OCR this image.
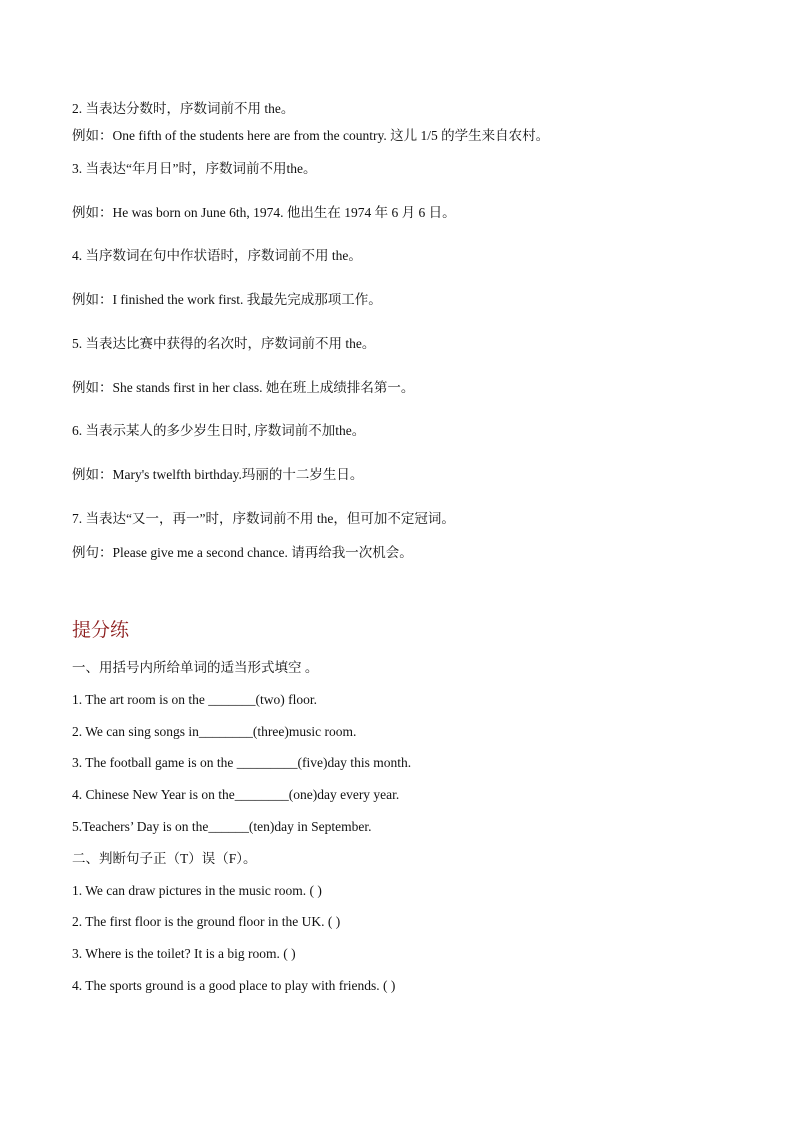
2. 当表达分数时，序数词前不用 the。
例如：One fifth of the students here are from the country. 这儿 1/5 的学生来自农村。
3. 当表达“年月日”时，序数词前不用the。
例如：He was born on June 6th, 1974. 他出生在 1974 年 6 月 6 日。
4. 当序数词在句中作状语时，序数词前不用 the。
例如：I finished the work first. 我最先完成那项工作。
5. 当表达比赛中获得的名次时，序数词前不用 the。
例如：She stands first in her class. 她在班上成绩排名第一。
6. 当表示某人的多少岁生日时, 序数词前不加the。
例如：Mary's twelfth birthday.玛丽的十二岁生日。
7. 当表达“又一，再一”时，序数词前不用 the，但可加不定冠词。
例句：Please give me a second chance. 请再给我一次机会。
提分练
一、用括号内所给单词的适当形式填空 。
1. The art room is on the _______(two) floor.
2. We can sing songs in________(three)music room.
3. The football game is on the _________(five)day this month.
4. Chinese New Year is on the________(one)day every year.
5.Teachers’ Day is on the______(ten)day in September.
二、判断句子正（T）误（F）。
1. We can draw pictures in the music room. ( )
2. The first floor is the ground floor in the UK. ( )
3. Where is the toilet? It is a big room. ( )
4. The sports ground is a good place to play with friends. ( )
